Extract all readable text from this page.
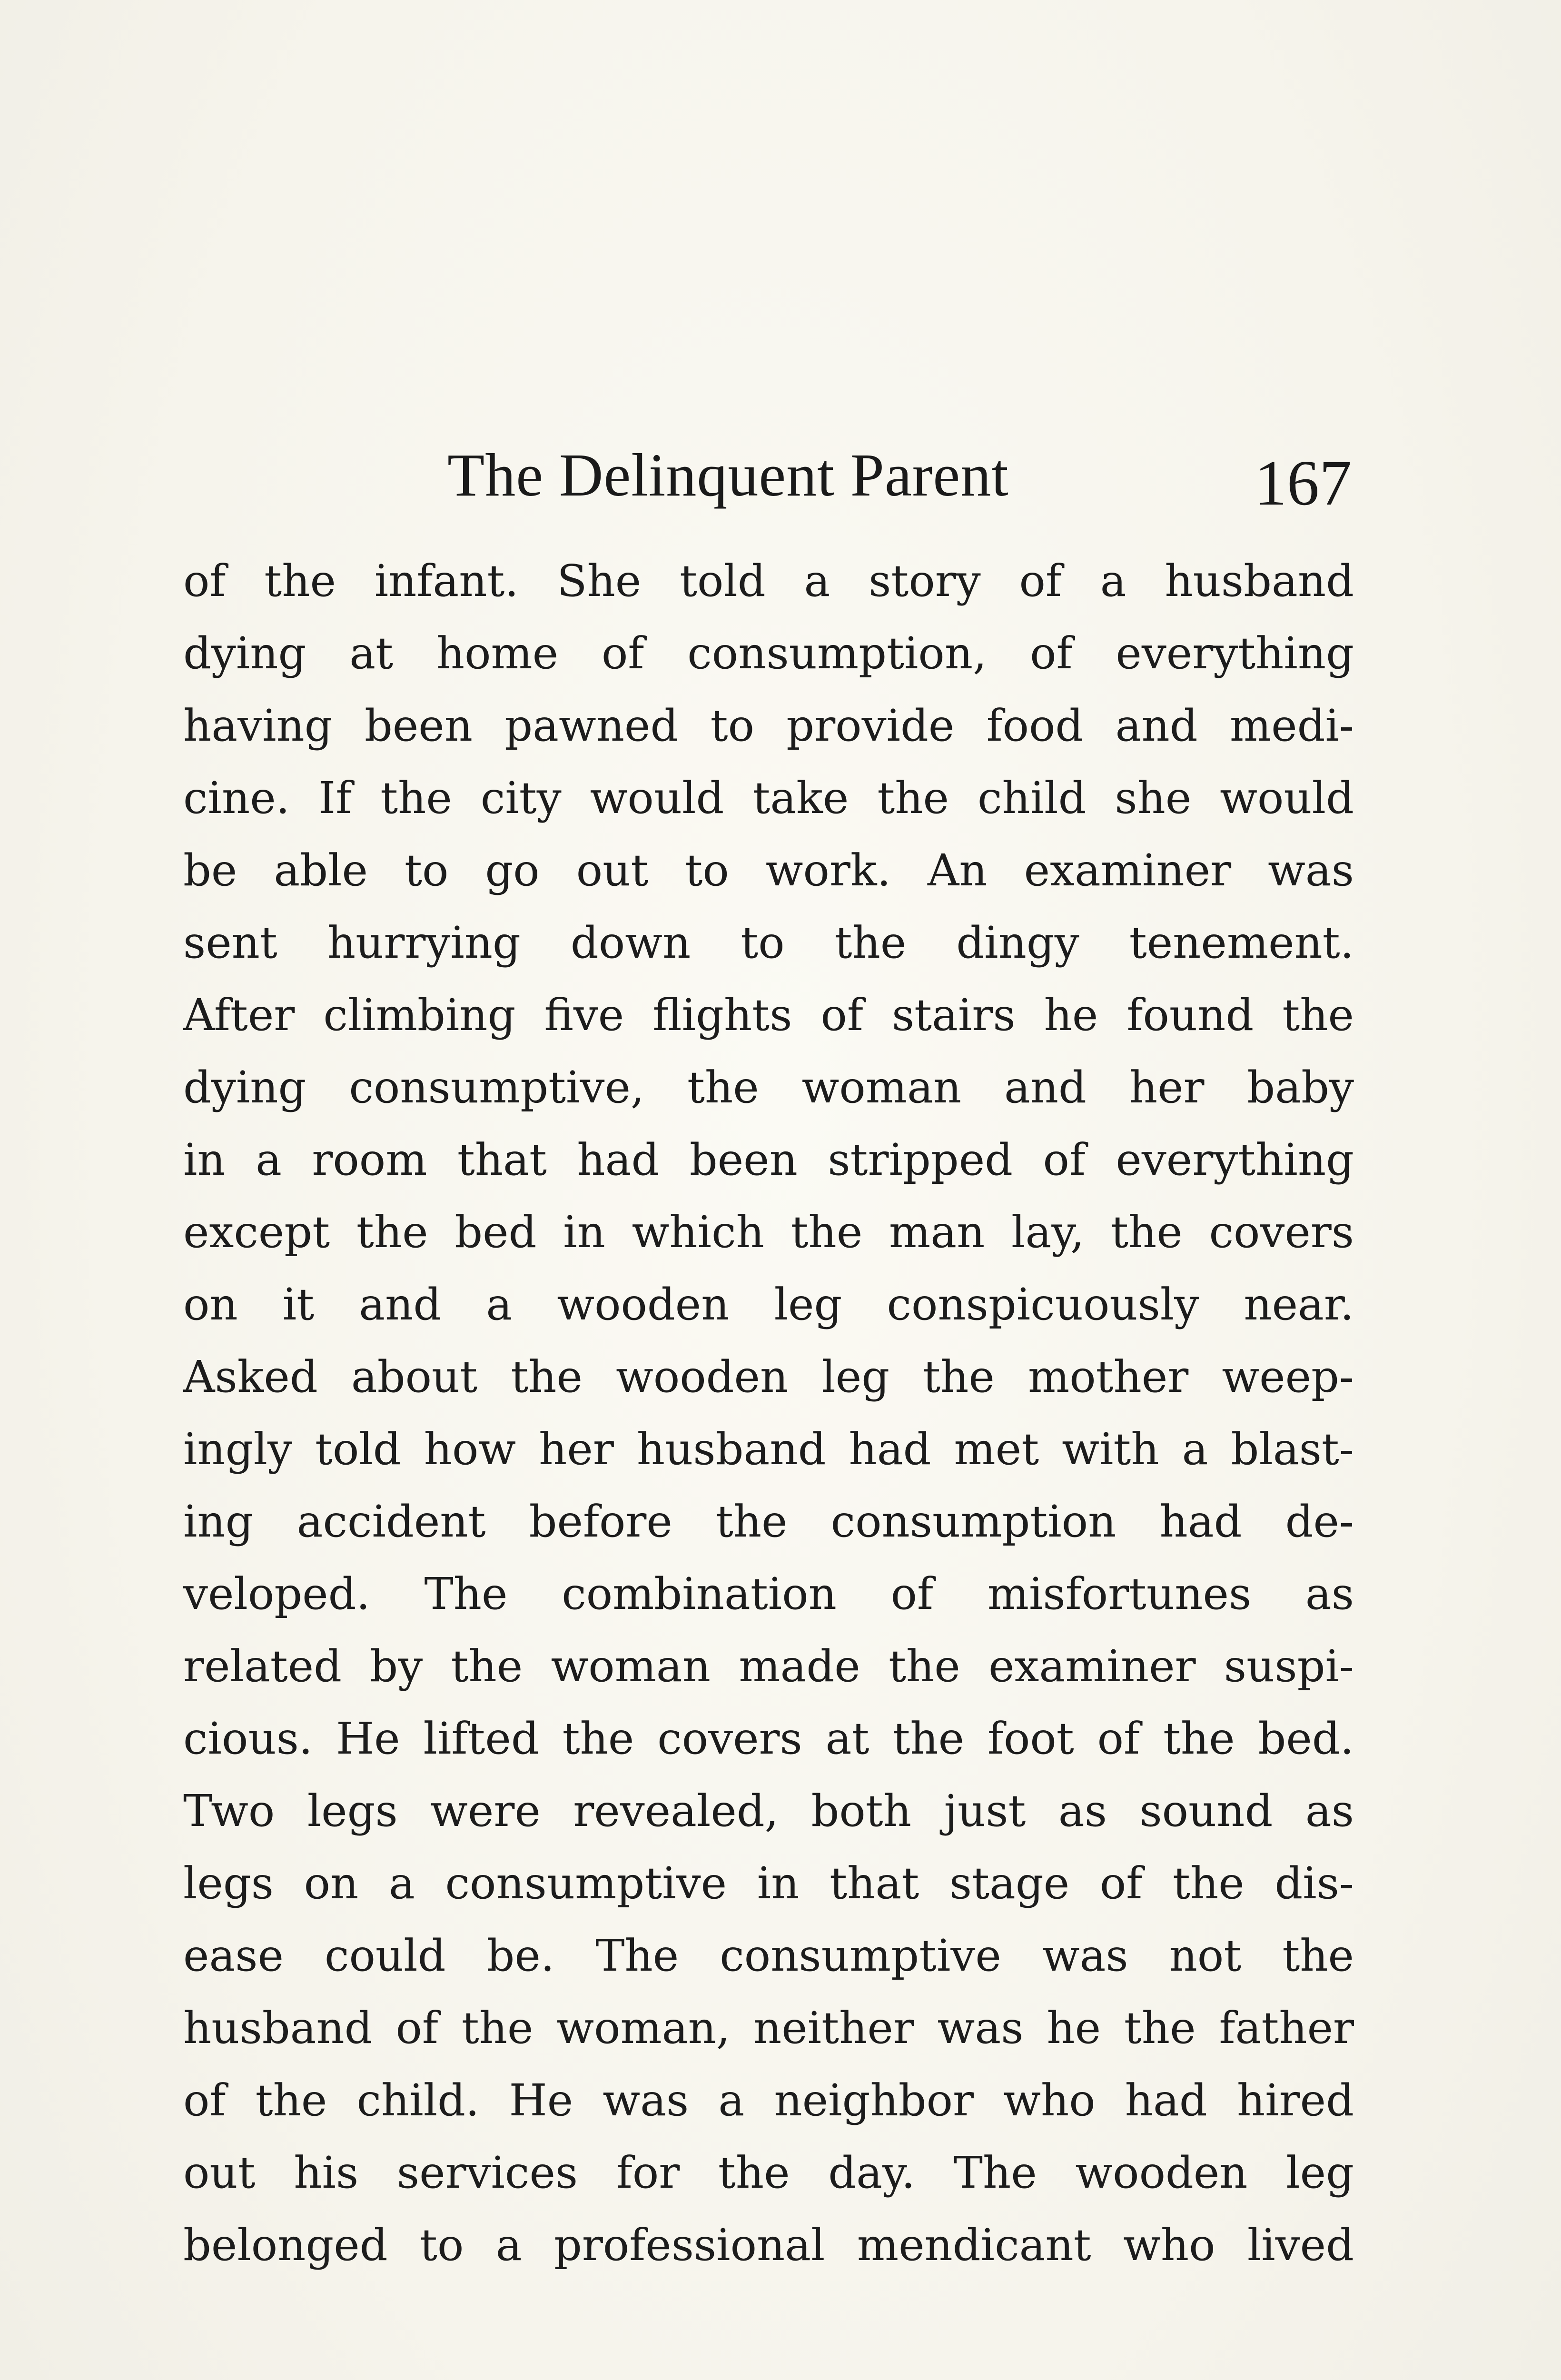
The Delinquent Parent	167
of the infant. She told a story of a husband
dying at home of consumption, of everything
having been pawned to provide food and medi-
cine. If the city would take the child she would
be able to go out to work. An examiner was
sent hurrying down to the dingy tenement.
After climbing five flights of stairs he found the
dying consumptive, the woman and her baby
in a room that had been stripped of everything
except the bed in which the man lay, the covers
on it and a wooden leg conspicuously near.
Asked about the wooden leg the mother weep-
ingly told how her husband had met with a blast-
ing accident before the consumption had de-
veloped. The combination of misfortunes as
related by the woman made the examiner suspi-
cious. He lifted the covers at the foot of the bed.
Two legs were revealed, both just as sound as
legs on a consumptive in that stage of the dis-
ease could be. The consumptive was not the
husband of the woman, neither was he the father
of the child. He was a neighbor who had hired
out his services for the day. The wooden leg
belonged to a professional mendicant who lived
